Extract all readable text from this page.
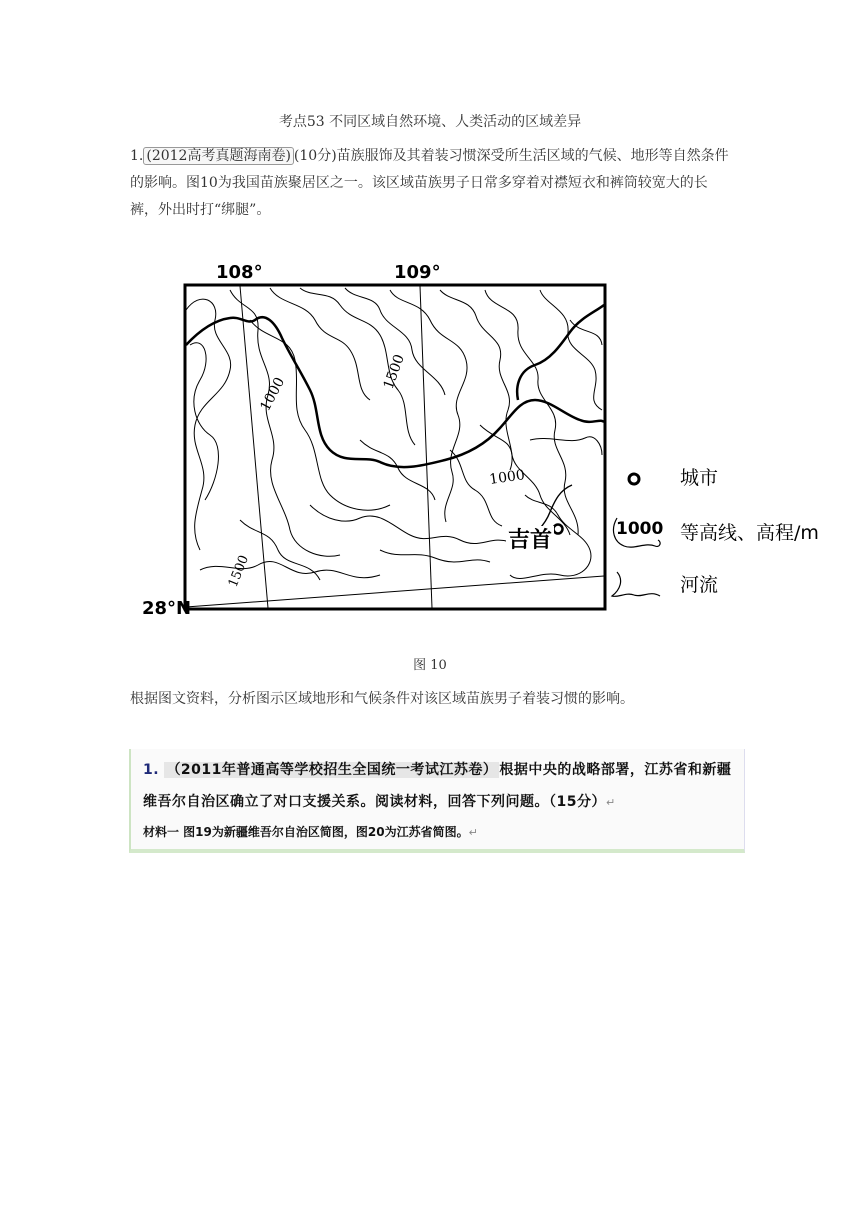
考点53 不同区域自然环境、人类活动的区域差异
1. (2012高考真题海南卷) (10分)苗族服饰及其着装习惯深受所生活区域的气候、地形等自然条件的影响。图10为我国苗族聚居区之一。该区域苗族男子日常多穿着对襟短衣和裤筒较宽大的长裤，外出时打“绑腿”。
108°	109°
28°N
1000
1500
1000
1500
吉首
城市
1000 等高线、高程/m
河流
图 10
根据图文资料，分析图示区域地形和气候条件对该区域苗族男子着装习惯的影响。
1. （2011年普通高等学校招生全国统一考试江苏卷） 根据中央的战略部署，江苏省和新疆
维吾尔自治区确立了对口支援关系。阅读材料，回答下列问题。（15分）↵
材料一 图19为新疆维吾尔自治区简图，图20为江苏省简图。↵
